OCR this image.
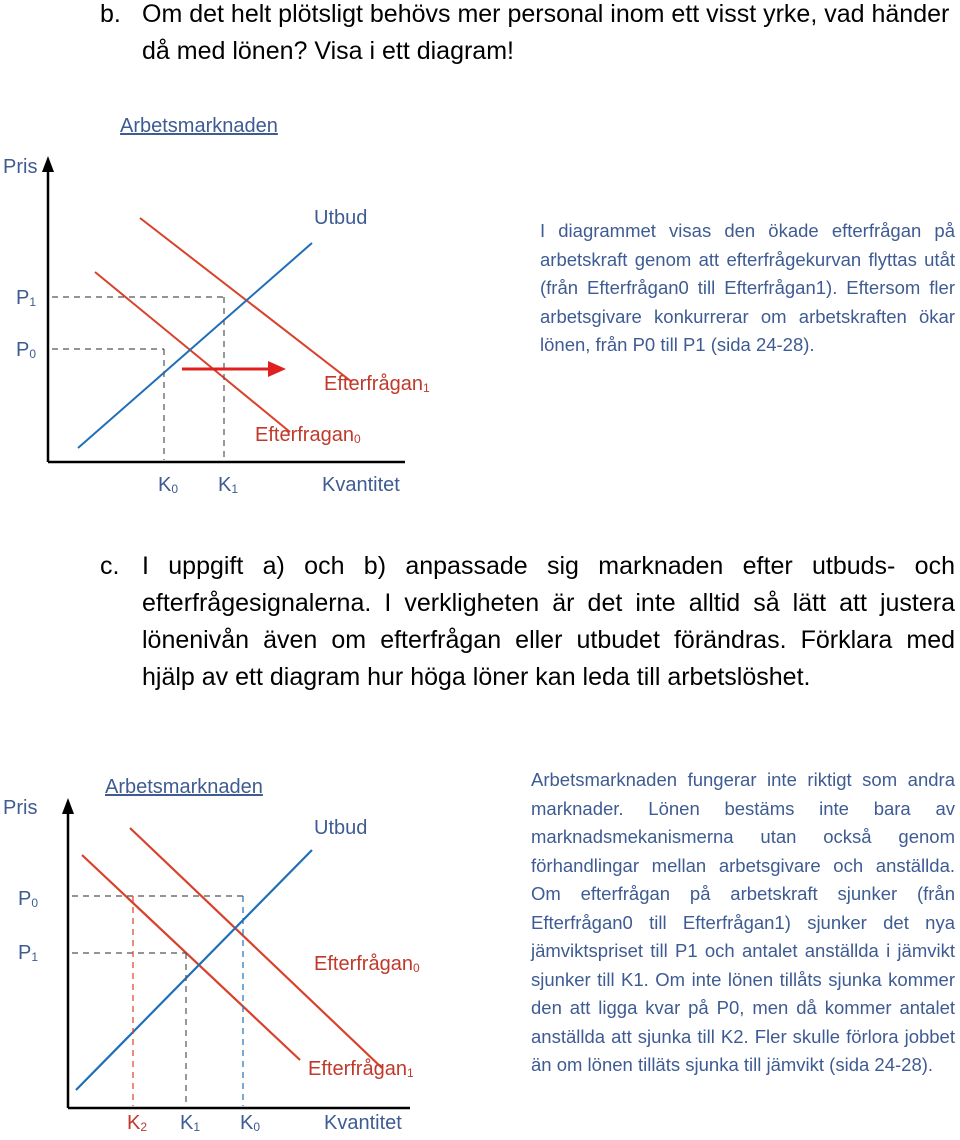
b. Om det helt plötsligt behövs mer personal inom ett visst yrke, vad händer då med lönen? Visa i ett diagram!
Arbetsmarknaden
Pris
$P_1$
$P_0$
Utbud
Efterfrågan$_1$
Efterfragan$_0$
$K_0$ $K_1$	Kvantitet
I diagrammet visas den ökade efterfrågan på arbetskraft genom att efterfrågekurvan flyttas utåt (från Efterfrågan0 till Efterfrågan1). Eftersom fler arbetsgivare konkurrerar om arbetskraften ökar lönen, från P0 till P1 (sida 24-28).
c. I uppgift a) och b) anpassade sig marknaden efter utbuds- och efterfrågesignalerna. I verkligheten är det inte alltid så lätt att justera lönenivån även om efterfrågan eller utbudet förändras. Förklara med hjälp av ett diagram hur höga löner kan leda till arbetslöshet.
Arbetsmarknaden
Pris
$P_0$
$P_1$
Utbud
Efterfrågan$_0$
Efterfrågan$_1$
$K_2$ $K_1$ $K_0$	Kvantitet
Arbetsmarknaden fungerar inte riktigt som andra marknader. Lönen bestäms inte bara av marknadsmekanismerna utan också genom förhandlingar mellan arbetsgivare och anställda. Om efterfrågan på arbetskraft sjunker (från Efterfrågan0 till Efterfrågan1) sjunker det nya jämviktspriset till P1 och antalet anställda i jämvikt sjunker till K1. Om inte lönen tillåts sjunka kommer den att ligga kvar på P0, men då kommer antalet anställda att sjunka till K2. Fler skulle förlora jobbet än om lönen tilläts sjunka till jämvikt (sida 24-28).
